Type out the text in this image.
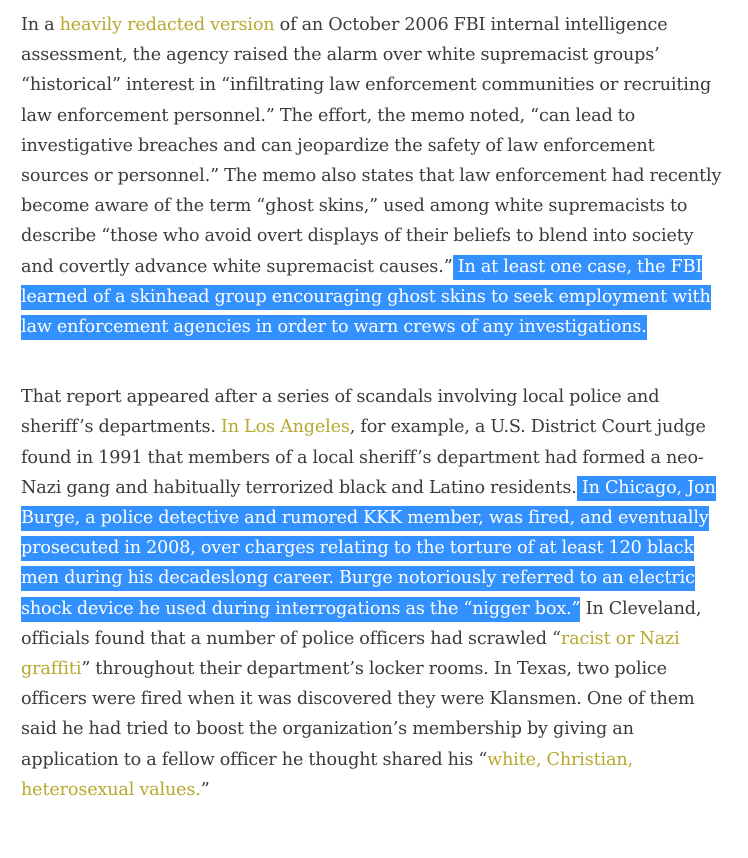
In a heavily redacted version of an October 2006 FBI internal intelligence assessment, the agency raised the alarm over white supremacist groups’ “historical” interest in “infiltrating law enforcement communities or recruiting law enforcement personnel.” The effort, the memo noted, “can lead to investigative breaches and can jeopardize the safety of law enforcement sources or personnel.” The memo also states that law enforcement had recently become aware of the term “ghost skins,” used among white supremacists to describe “those who avoid overt displays of their beliefs to blend into society and covertly advance white supremacist causes.” In at least one case, the FBI learned of a skinhead group encouraging ghost skins to seek employment with law enforcement agencies in order to warn crews of any investigations.

That report appeared after a series of scandals involving local police and sheriff’s departments. In Los Angeles, for example, a U.S. District Court judge found in 1991 that members of a local sheriff’s department had formed a neo-Nazi gang and habitually terrorized black and Latino residents. In Chicago, Jon Burge, a police detective and rumored KKK member, was fired, and eventually prosecuted in 2008, over charges relating to the torture of at least 120 black men during his decadeslong career. Burge notoriously referred to an electric shock device he used during interrogations as the “nigger box.” In Cleveland, officials found that a number of police officers had scrawled “racist or Nazi graffiti” throughout their department’s locker rooms. In Texas, two police officers were fired when it was discovered they were Klansmen. One of them said he had tried to boost the organization’s membership by giving an application to a fellow officer he thought shared his “white, Christian, heterosexual values.”
